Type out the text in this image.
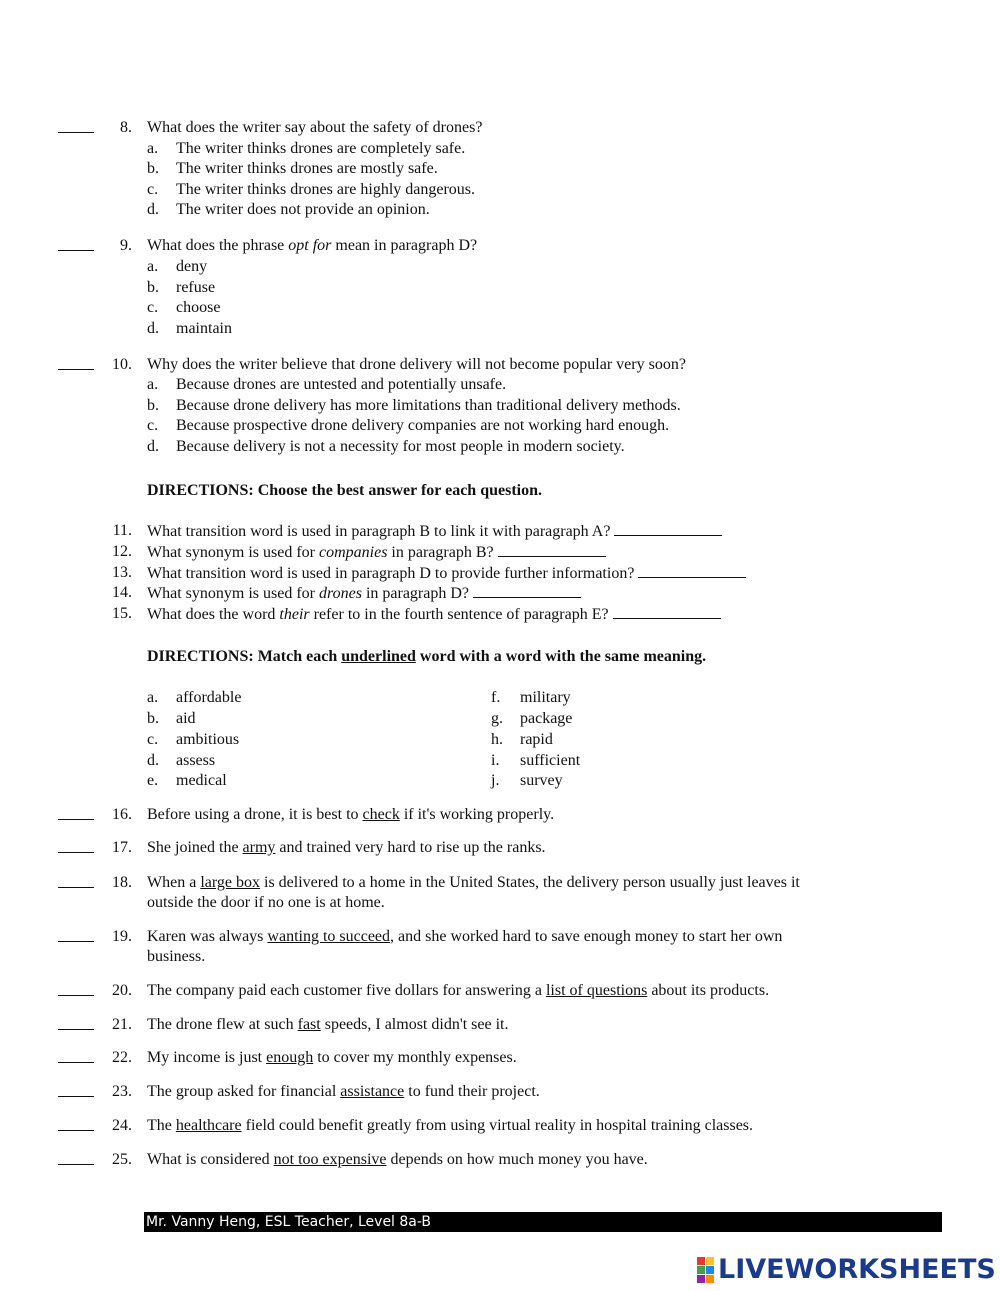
8. What does the writer say about the safety of drones?
a.	The writer thinks drones are completely safe.
b. The writer thinks drones are mostly safe.
c.	The writer thinks drones are highly dangerous.
d. The writer does not provide an opinion.
9. What does the phrase opt for mean in paragraph D?
a.	deny
b. refuse
c.	choose
d. maintain
10. Why does the writer believe that drone delivery will not become popular very soon?
a.	Because drones are untested and potentially unsafe.
b. Because drone delivery has more limitations than traditional delivery methods.
c.	Because prospective drone delivery companies are not working hard enough.
d. Because delivery is not a necessity for most people in modern society.
DIRECTIONS: Choose the best answer for each question.
11. What transition word is used in paragraph B to link it with paragraph A?
12. What synonym is used for companies in paragraph B?
13. What transition word is used in paragraph D to provide further information?
14. What synonym is used for drones in paragraph D?
15. What does the word their refer to in the fourth sentence of paragraph E?
DIRECTIONS: Match each underlined word with a word with the same meaning.
a.	affordable
b. aid
c.	ambitious
d. assess
e.	medical
f.	military
g. package
h. rapid
i.	sufficient
j.	survey
16. Before using a drone, it is best to check if it's working properly.
17. She joined the army and trained very hard to rise up the ranks.
18. When a large box is delivered to a home in the United States, the delivery person usually just leaves it
outside the door if no one is at home.
19. Karen was always wanting to succeed, and she worked hard to save enough money to start her own
business.
20. The company paid each customer five dollars for answering a list of questions about its products.
21. The drone flew at such fast speeds, I almost didn't see it.
22. My income is just enough to cover my monthly expenses.
23. The group asked for financial assistance to fund their project.
24. The healthcare field could benefit greatly from using virtual reality in hospital training classes.
25. What is considered not too expensive depends on how much money you have.
Mr. Vanny Heng, ESL Teacher, Level 8a-B
LIVEWORKSHEETS
